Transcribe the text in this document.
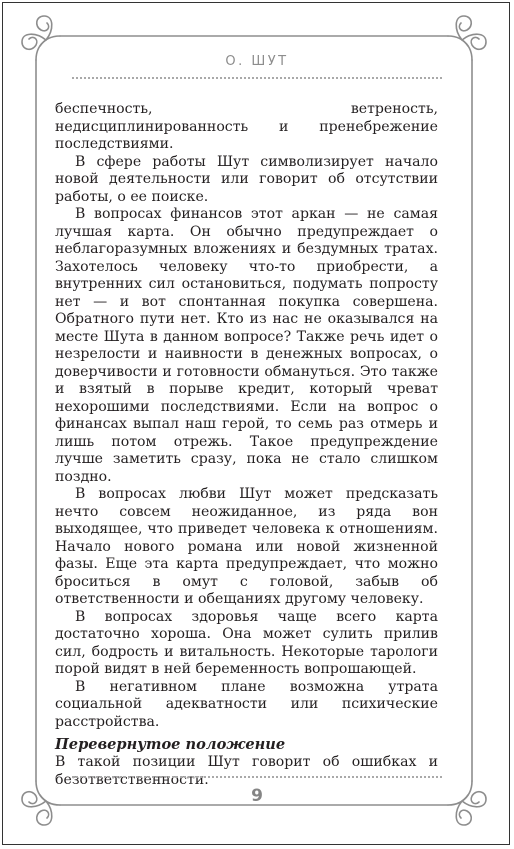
О. ШУТ

беспечность, ветреность, недисциплинированность и пренебрежение последствиями.

В сфере работы Шут символизирует начало новой деятельности или говорит об отсутствии работы, о ее поиске.

В вопросах финансов этот аркан — не самая лучшая карта. Он обычно предупреждает о неблагоразумных вложениях и бездумных тратах. Захотелось человеку что-то приобрести, а внутренних сил остановиться, подумать попросту нет — и вот спонтанная покупка совершена. Обратного пути нет. Кто из нас не оказывался на месте Шута в данном вопросе? Также речь идет о незрелости и наивности в денежных вопросах, о доверчивости и готовности обмануться. Это также и взятый в порыве кредит, который чреват нехорошими последствиями. Если на вопрос о финансах выпал наш герой, то семь раз отмерь и лишь потом отрежь. Такое предупреждение лучше заметить сразу, пока не стало слишком поздно.

В вопросах любви Шут может предсказать нечто совсем неожиданное, из ряда вон выходящее, что приведет человека к отношениям. Начало нового романа или новой жизненной фазы. Еще эта карта предупреждает, что можно броситься в омут с головой, забыв об ответственности и обещаниях другому человеку.

В вопросах здоровья чаще всего карта достаточно хороша. Она может сулить прилив сил, бодрость и витальность. Некоторые тарологи порой видят в ней беременность вопрошающей.

В негативном плане возможна утрата социальной адекватности или психические расстройства.

Перевернутое положение

В такой позиции Шут говорит об ошибках и безответственности.

9
